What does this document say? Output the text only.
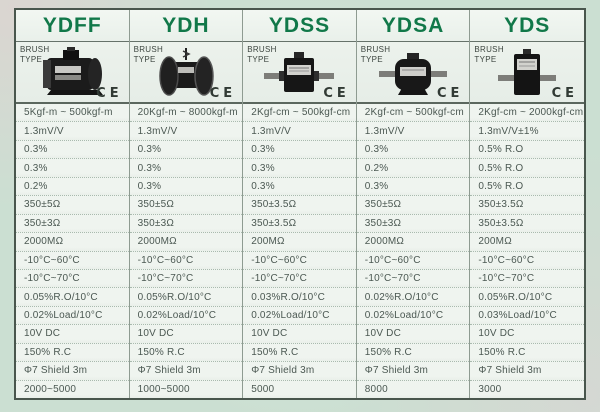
YDFF
BRUSH TYPE
CE
5Kgf-m ~ 500kgf-m
1.3mV/V
0.3%
0.3%
0.2%
350±5Ω
350±3Ω
2000MΩ
-10°C~60°C
-10°C~70°C
0.05%R.O/10°C
0.02%Load/10°C
10V DC
150% R.C
Φ7 Shield 3m
2000~5000
YDH
BRUSH TYPE
CE
20Kgf-m ~ 8000kgf-m
1.3mV/V
0.3%
0.3%
0.3%
350±5Ω
350±3Ω
2000MΩ
-10°C~60°C
-10°C~70°C
0.05%R.O/10°C
0.02%Load/10°C
10V DC
150% R.C
Φ7 Shield 3m
1000~5000
YDSS
BRUSH TYPE
CE
2Kgf-cm ~ 500kgf-cm
1.3mV/V
0.3%
0.3%
0.3%
350±3.5Ω
350±3.5Ω
200MΩ
-10°C~60°C
-10°C~70°C
0.03%R.O/10°C
0.02%Load/10°C
10V DC
150% R.C
Φ7 Shield 3m
5000
YDSA
BRUSH TYPE
CE
2Kgf-cm ~ 500kgf-cm
1.3mV/V
0.3%
0.2%
0.3%
350±5Ω
350±3Ω
2000MΩ
-10°C~60°C
-10°C~70°C
0.02%R.O/10°C
0.02%Load/10°C
10V DC
150% R.C
Φ7 Shield 3m
8000
YDS
BRUSH TYPE
CE
2Kgf-cm ~ 2000kgf-cm
1.3mV/V±1%
0.5% R.O
0.5% R.O
0.5% R.O
350±3.5Ω
350±3.5Ω
200MΩ
-10°C~60°C
-10°C~70°C
0.05%R.O/10°C
0.03%Load/10°C
10V DC
150% R.C
Φ7 Shield 3m
3000
